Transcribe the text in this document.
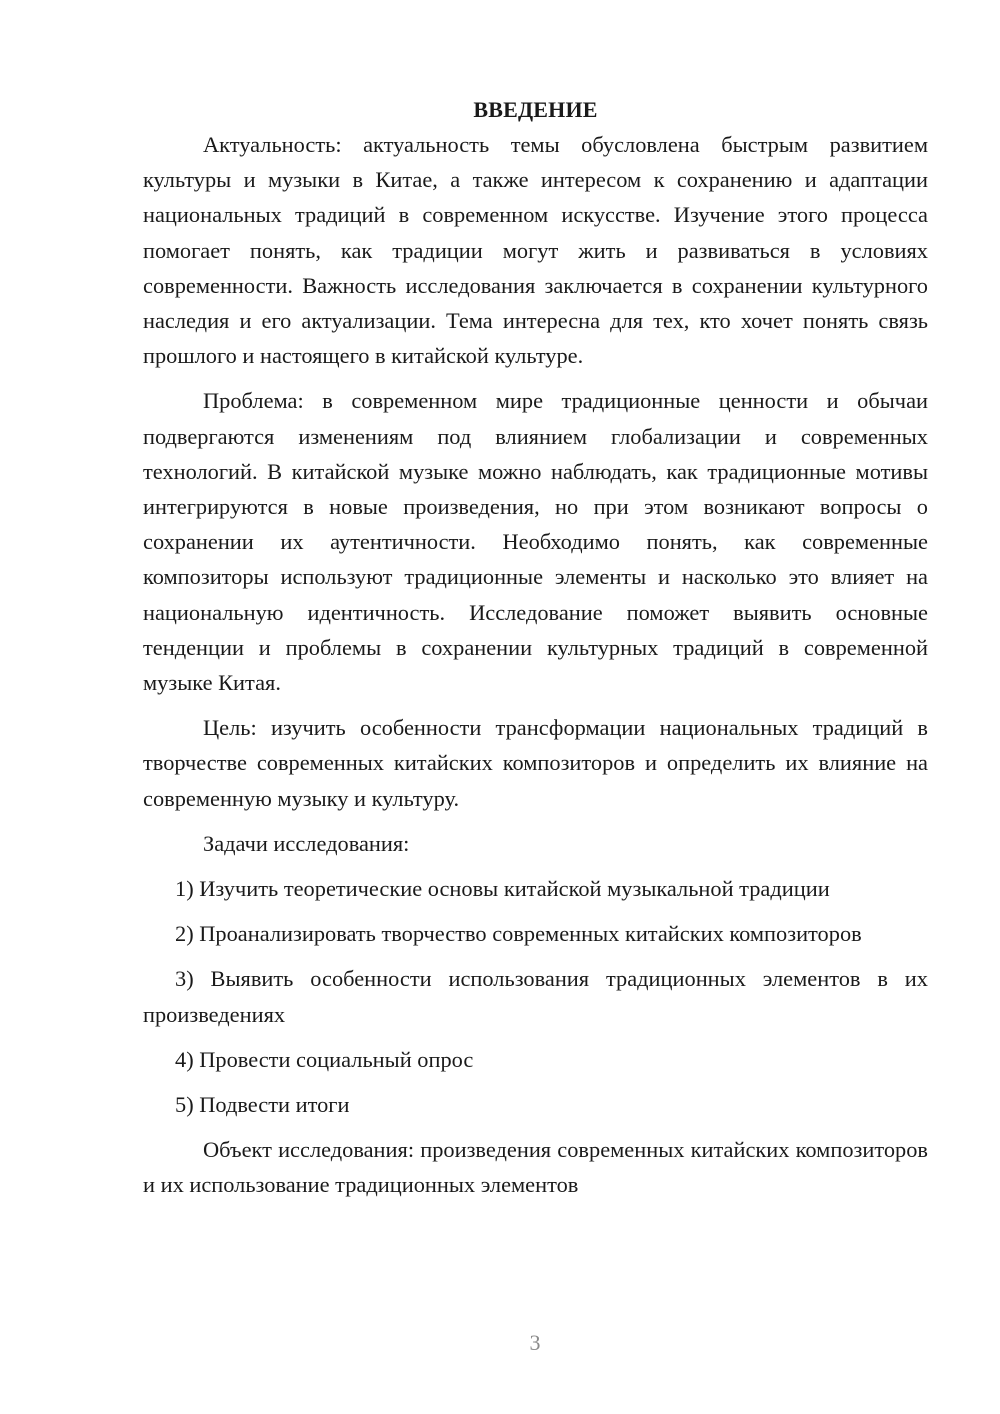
ВВЕДЕНИЕ

Актуальность: актуальность темы обусловлена быстрым развитием культуры и музыки в Китае, а также интересом к сохранению и адаптации национальных традиций в современном искусстве. Изучение этого процесса помогает понять, как традиции могут жить и развиваться в условиях современности. Важность исследования заключается в сохранении культурного наследия и его актуализации. Тема интересна для тех, кто хочет понять связь прошлого и настоящего в китайской культуре.

Проблема: в современном мире традиционные ценности и обычаи подвергаются изменениям под влиянием глобализации и современных технологий. В китайской музыке можно наблюдать, как традиционные мотивы интегрируются в новые произведения, но при этом возникают вопросы о сохранении их аутентичности. Необходимо понять, как современные композиторы используют традиционные элементы и насколько это влияет на национальную идентичность. Исследование поможет выявить основные тенденции и проблемы в сохранении культурных традиций в современной музыке Китая.

Цель: изучить особенности трансформации национальных традиций в творчестве современных китайских композиторов и определить их влияние на современную музыку и культуру.

Задачи исследования:

1) Изучить теоретические основы китайской музыкальной традиции

2) Проанализировать творчество современных китайских композиторов

3) Выявить особенности использования традиционных элементов в их произведениях

4) Провести социальный опрос

5) Подвести итоги

Объект исследования: произведения современных китайских композиторов и их использование традиционных элементов

3
